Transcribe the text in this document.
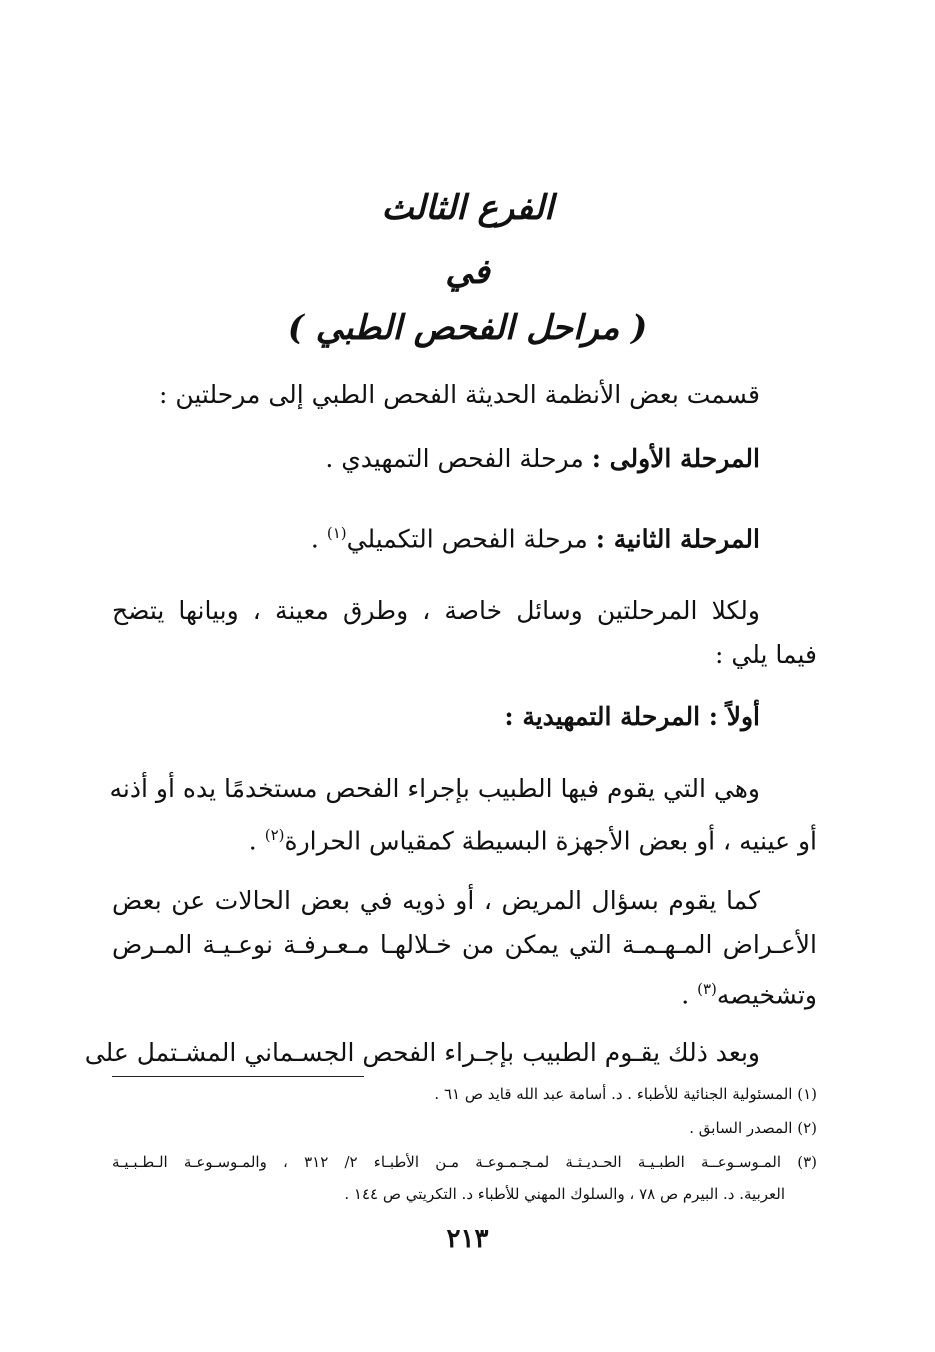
الفرع الثالث
في
( مراحل الفحص الطبي )
قسمت بعض الأنظمة الحديثة الفحص الطبي إلى مرحلتين :
المرحلة الأولى : مرحلة الفحص التمهيدي .
المرحلة الثانية : مرحلة الفحص التكميلي$^{(١)}$ .
ولكلا المرحلتين وسائل خاصة ، وطرق معينة ، وبيانها يتضح
فيما يلي :
أولاً : المرحلة التمهيدية :
وهي التي يقوم فيها الطبيب بإجراء الفحص مستخدمًا يده أو أذنه
أو عينيه ، أو بعض الأجهزة البسيطة كمقياس الحرارة$^{(٢)}$ .
كما يقوم بسؤال المريض ، أو ذويه في بعض الحالات عن بعض
الأعـراض المـهـمـة التي يمكن من خـلالهـا مـعـرفـة نوعـيـة المـرض
وتشخيصه$^{(٣)}$ .
وبعد ذلك يقـوم الطبيب بإجـراء الفحص الجسـماني المشـتمل على
(١) المسئولية الجنائية للأطباء . د. أسامة عبد الله قايد ص ٦١ .
(٢) المصدر السابق .
(٣) المـوسـوعــة الطبـيـة الحـديـثـة لمـجـمـوعـة مـن الأطبـاء ٢/ ٣١٢ ، والمـوسـوعـة الـطـبـيـة
العربية. د. البيرم ص ٧٨ ، والسلوك المهني للأطباء د. التكريتي ص ١٤٤ .
٢١٣
